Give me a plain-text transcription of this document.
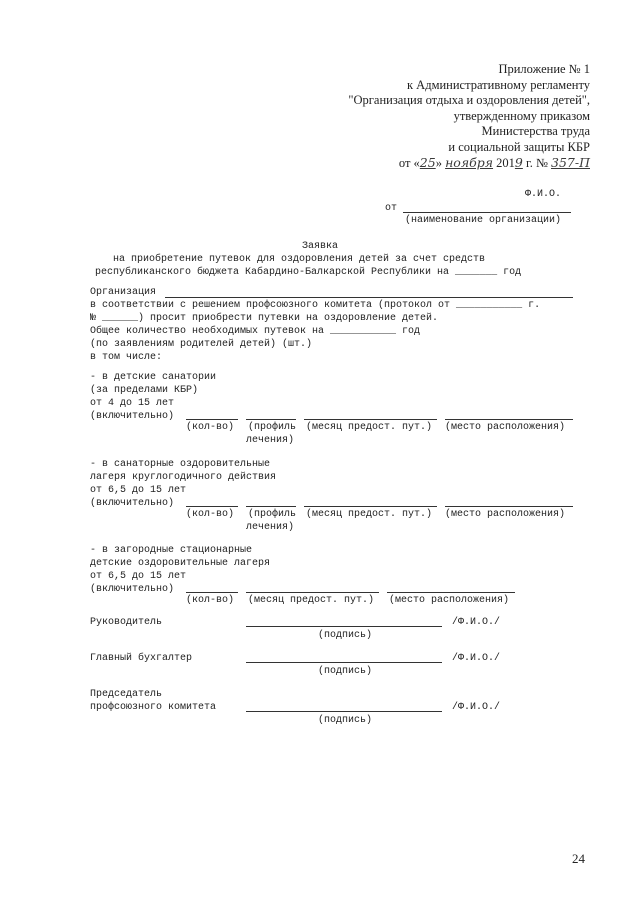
Приложение № 1
к Административному регламенту
"Организация отдыха и оздоровления детей",
утвержденному приказом
Министерства труда
и социальной защиты КБР
от «25» ноября 2019 г. № 357-П
Ф.И.О.
от
(наименование организации)
Заявка
на приобретение путевок для оздоровления детей за счет средств
республиканского бюджета Кабардино-Балкарской Республики на _______ год
Организация
в соответствии с решением профсоюзного комитета (протокол от ___________ г.
№ ______) просит приобрести путевки на оздоровление детей.
Общее количество необходимых путевок на ___________ год
(по заявлениям родителей детей) (шт.)
в том числе:
- в детские санатории
(за пределами КБР)
от 4 до 15 лет
(включительно)
(кол-во) (профиль (месяц предост. пут.) (место расположения)
лечения)
- в санаторные оздоровительные
лагеря круглогодичного действия
от 6,5 до 15 лет
(включительно)
(кол-во) (профиль (месяц предост. пут.) (место расположения)
лечения)
- в загородные стационарные
детские оздоровительные лагеря
от 6,5 до 15 лет
(включительно)
(кол-во) (месяц предост. пут.) (место расположения)
Руководитель	/Ф.И.О./
(подпись)
Главный бухгалтер	/Ф.И.О./
(подпись)
Председатель
профсоюзного комитета	/Ф.И.О./
(подпись)
24
